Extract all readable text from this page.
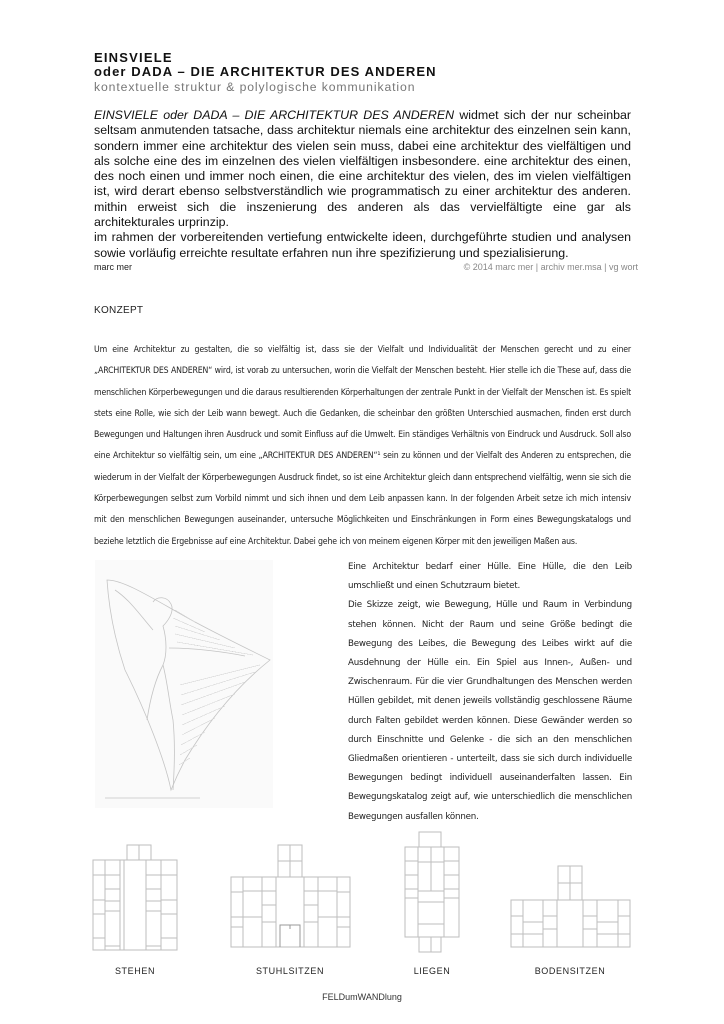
EINSVIELE
oder DADA – DIE ARCHITEKTUR DES ANDEREN
kontextuelle struktur & polylogische kommunikation
EINSVIELE oder DADA – DIE ARCHITEKTUR DES ANDEREN widmet sich der nur scheinbar seltsam anmutenden tatsache, dass architektur niemals eine architektur des einzelnen sein kann, sondern immer eine architektur des vielen sein muss, dabei eine architektur des vielfältigen und als solche eine des im einzelnen des vielen vielfältigen insbesondere. eine architektur des einen, des noch einen und immer noch einen, die eine architektur des vielen, des im vielen vielfältigen ist, wird derart ebenso selbstverständlich wie programmatisch zu einer architektur des anderen. mithin erweist sich die inszenierung des anderen als das vervielfältigte eine gar als architekturales urprinzip.
im rahmen der vorbereitenden vertiefung entwickelte ideen, durchgeführte studien und analysen sowie vorläufig erreichte resultate erfahren nun ihre spezifizierung und spezialisierung.
marc mer	© 2014 marc mer | archiv mer.msa | vg wort
KONZEPT
Um eine Architektur zu gestalten, die so vielfältig ist, dass sie der Vielfalt und Individualität der Menschen gerecht und zu einer „ARCHITEKTUR DES ANDEREN“ wird, ist vorab zu untersuchen, worin die Vielfalt der Menschen besteht. Hier stelle ich die These auf, dass die menschlichen Körperbewegungen und die daraus resultierenden Körperhaltungen der zentrale Punkt in der Vielfalt der Menschen ist. Es spielt stets eine Rolle, wie sich der Leib wann bewegt. Auch die Gedanken, die scheinbar den größten Unterschied ausmachen, finden erst durch Bewegungen und Haltungen ihren Ausdruck und somit Einfluss auf die Umwelt. Ein ständiges Verhältnis von Eindruck und Ausdruck. Soll also eine Architektur so vielfältig sein, um eine „ARCHITEKTUR DES ANDEREN“¹ sein zu können und der Vielfalt des Anderen zu entsprechen, die wiederum in der Vielfalt der Körperbewegungen Ausdruck findet, so ist eine Architektur gleich dann entsprechend vielfältig, wenn sie sich die Körperbewegungen selbst zum Vorbild nimmt und sich ihnen und dem Leib anpassen kann. In der folgenden Arbeit setze ich mich intensiv mit den menschlichen Bewegungen auseinander, untersuche Möglichkeiten und Einschränkungen in Form eines Bewegungskatalogs und beziehe letztlich die Ergebnisse auf eine Architektur. Dabei gehe ich von meinem eigenen Körper mit den jeweiligen Maßen aus.
Eine Architektur bedarf einer Hülle. Eine Hülle, die den Leib umschließt und einen Schutzraum bietet.
Die Skizze zeigt, wie Bewegung, Hülle und Raum in Verbindung stehen können. Nicht der Raum und seine Größe bedingt die Bewegung des Leibes, die Bewegung des Leibes wirkt auf die Ausdehnung der Hülle ein. Ein Spiel aus Innen-, Außen- und Zwischenraum. Für die vier Grundhaltungen des Menschen werden Hüllen gebildet, mit denen jeweils vollständig geschlossene Räume durch Falten gebildet werden können. Diese Gewänder werden so durch Einschnitte und Gelenke - die sich an den menschlichen Gliedmaßen orientieren - unterteilt, dass sie sich durch individuelle Bewegungen bedingt individuell auseinanderfalten lassen. Ein Bewegungskatalog zeigt auf, wie unterschiedlich die menschlichen Bewegungen ausfallen können.
STEHEN	STUHLSITZEN	LIEGEN	BODENSITZEN
FELDumWANDlung
